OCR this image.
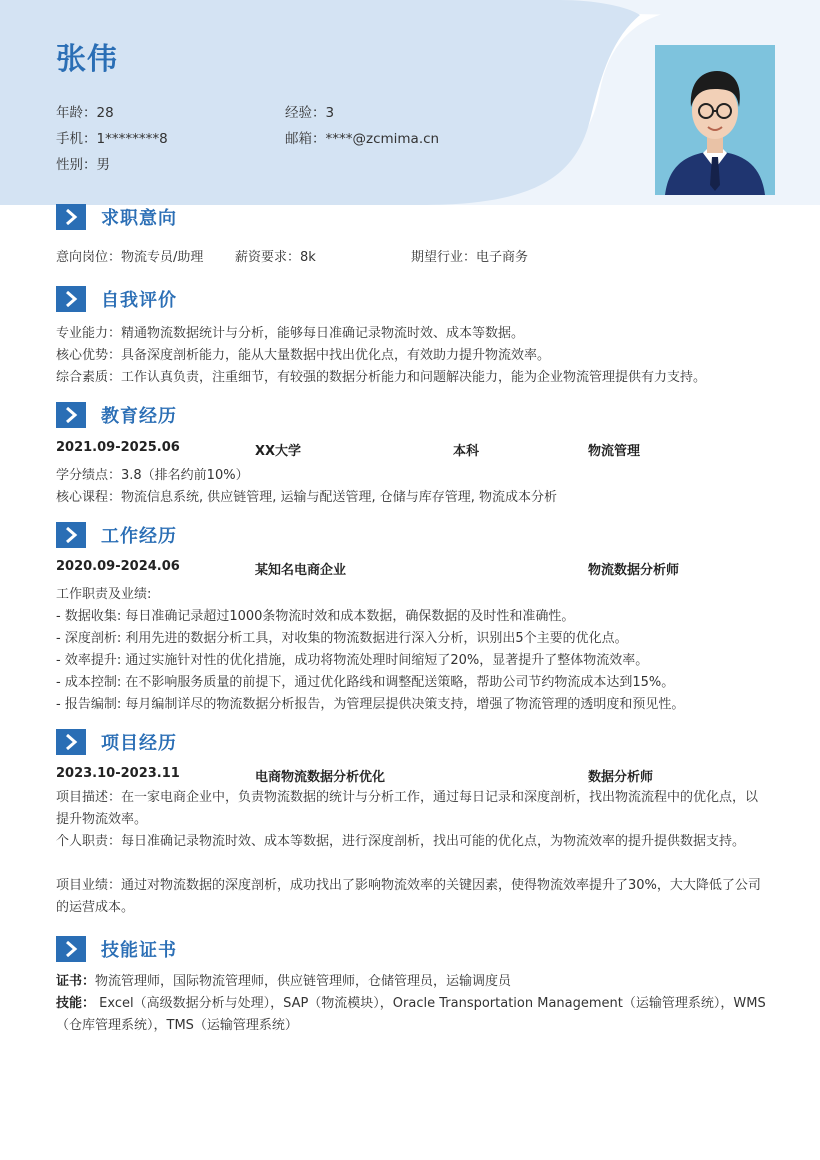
张伟
年龄：28	经验：3
手机：1********8	邮箱：****@zcmima.cn
性别：男
求职意向
意向岗位：物流专员/助理 薪资要求：8k	期望行业：电子商务
自我评价
专业能力：精通物流数据统计与分析，能够每日准确记录物流时效、成本等数据。
核心优势：具备深度剖析能力，能从大量数据中找出优化点，有效助力提升物流效率。
综合素质：工作认真负责，注重细节，有较强的数据分析能力和问题解决能力，能为企业物流管理提供有力支持。
教育经历
2021.09-2025.06	XX大学	本科	物流管理
学分绩点：3.8（排名约前10%）
核心课程：物流信息系统, 供应链管理, 运输与配送管理, 仓储与库存管理, 物流成本分析
工作经历
2020.09-2024.06	某知名电商企业	物流数据分析师
工作职责及业绩:
- 数据收集: 每日准确记录超过1000条物流时效和成本数据，确保数据的及时性和准确性。
- 深度剖析: 利用先进的数据分析工具，对收集的物流数据进行深入分析，识别出5个主要的优化点。
- 效率提升: 通过实施针对性的优化措施，成功将物流处理时间缩短了20%，显著提升了整体物流效率。
- 成本控制: 在不影响服务质量的前提下，通过优化路线和调整配送策略，帮助公司节约物流成本达到15%。
- 报告编制: 每月编制详尽的物流数据分析报告，为管理层提供决策支持，增强了物流管理的透明度和预见性。
项目经历
2023.10-2023.11	电商物流数据分析优化	数据分析师
项目描述：在一家电商企业中，负责物流数据的统计与分析工作，通过每日记录和深度剖析，找出物流流程中的优化点，以提升物流效率。
个人职责：每日准确记录物流时效、成本等数据，进行深度剖析，找出可能的优化点，为物流效率的提升提供数据支持。
项目业绩：通过对物流数据的深度剖析，成功找出了影响物流效率的关键因素，使得物流效率提升了30%，大大降低了公司的运营成本。
技能证书
证书：物流管理师，国际物流管理师，供应链管理师，仓储管理员，运输调度员
技能： Excel（高级数据分析与处理），SAP（物流模块），Oracle Transportation Management（运输管理系统），WMS（仓库管理系统），TMS（运输管理系统）
